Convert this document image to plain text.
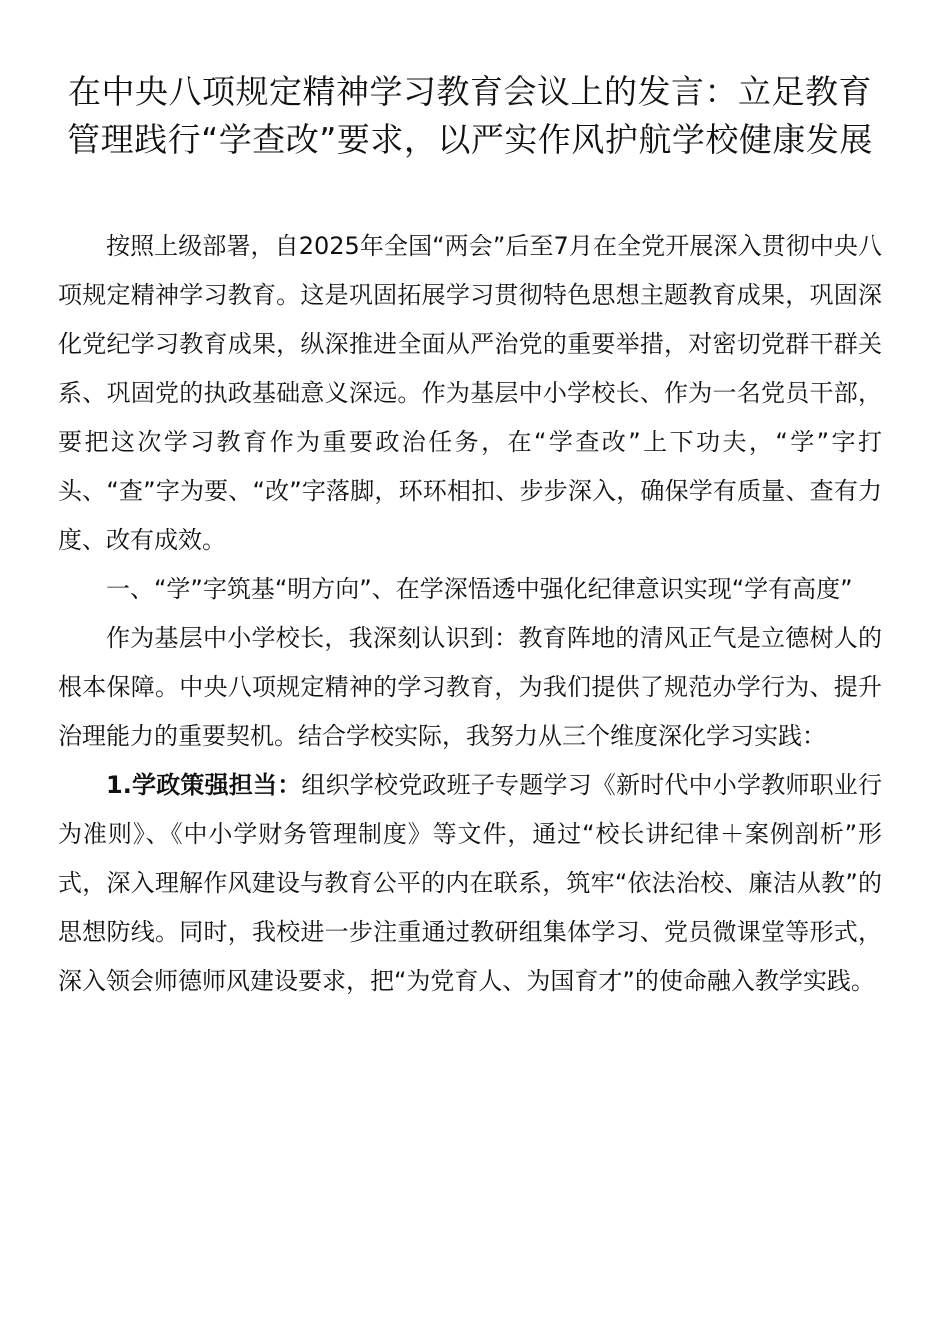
在中央八项规定精神学习教育会议上的发言：立足教育管理践行“学查改”要求，以严实作风护航学校健康发展

按照上级部署，自2025年全国“两会”后至7月在全党开展深入贯彻中央八项规定精神学习教育。这是巩固拓展学习贯彻特色思想主题教育成果，巩固深化党纪学习教育成果，纵深推进全面从严治党的重要举措，对密切党群干群关系、巩固党的执政基础意义深远。作为基层中小学校长、作为一名党员干部，要把这次学习教育作为重要政治任务，在“学查改”上下功夫，“学”字打头、“查”字为要、“改”字落脚，环环相扣、步步深入，确保学有质量、查有力度、改有成效。

一、“学”字筑基“明方向”、在学深悟透中强化纪律意识实现“学有高度”

作为基层中小学校长，我深刻认识到：教育阵地的清风正气是立德树人的根本保障。中央八项规定精神的学习教育，为我们提供了规范办学行为、提升治理能力的重要契机。结合学校实际，我努力从三个维度深化学习实践：

1.学政策强担当：组织学校党政班子专题学习《新时代中小学教师职业行为准则》、《中小学财务管理制度》等文件，通过“校长讲纪律＋案例剖析”形式，深入理解作风建设与教育公平的内在联系，筑牢“依法治校、廉洁从教”的思想防线。同时，我校进一步注重通过教研组集体学习、党员微课堂等形式，深入领会师德师风建设要求，把“为党育人、为国育才”的使命融入教学实践。
